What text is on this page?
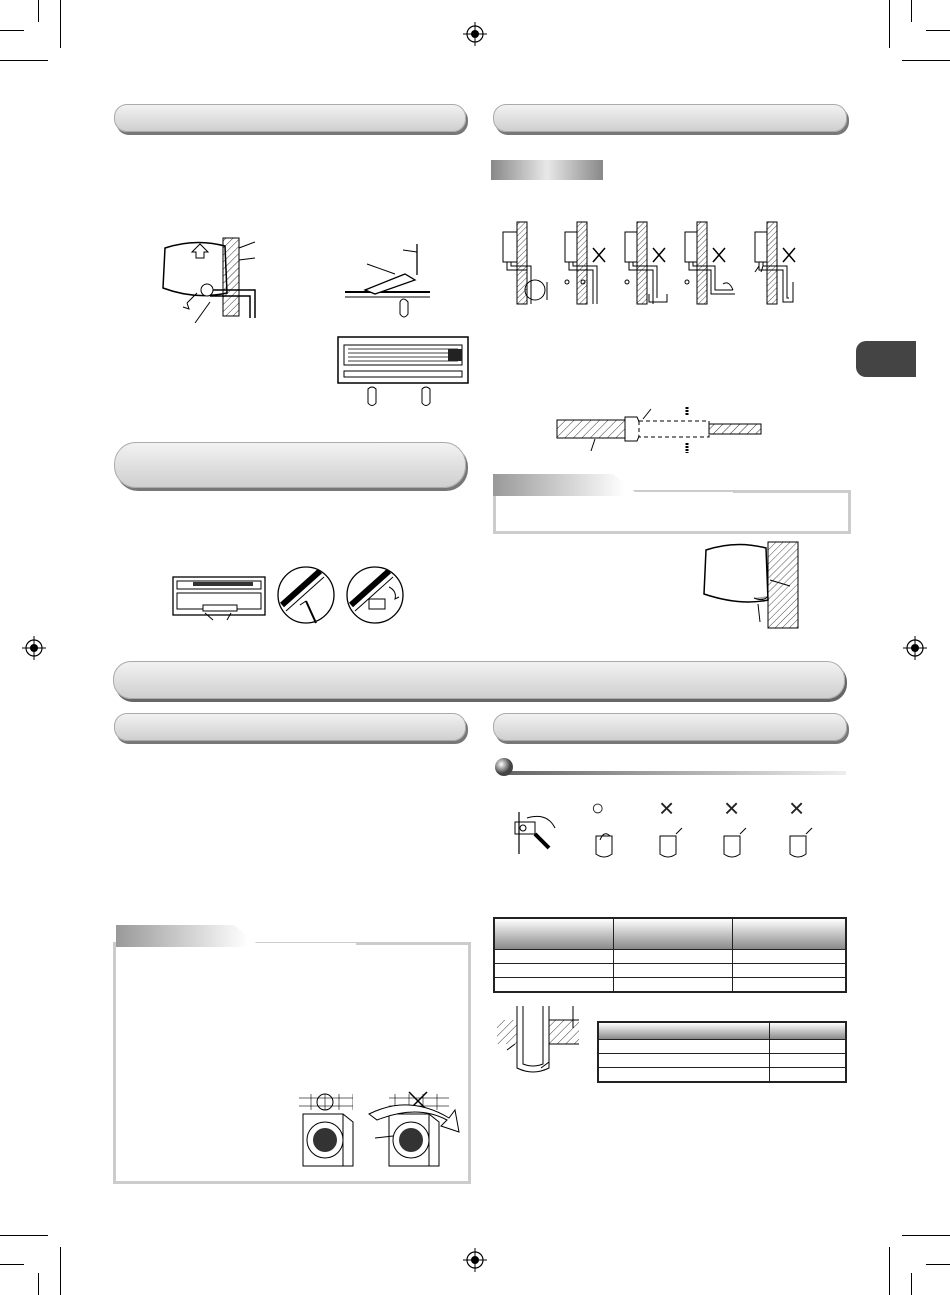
○ × × ×
